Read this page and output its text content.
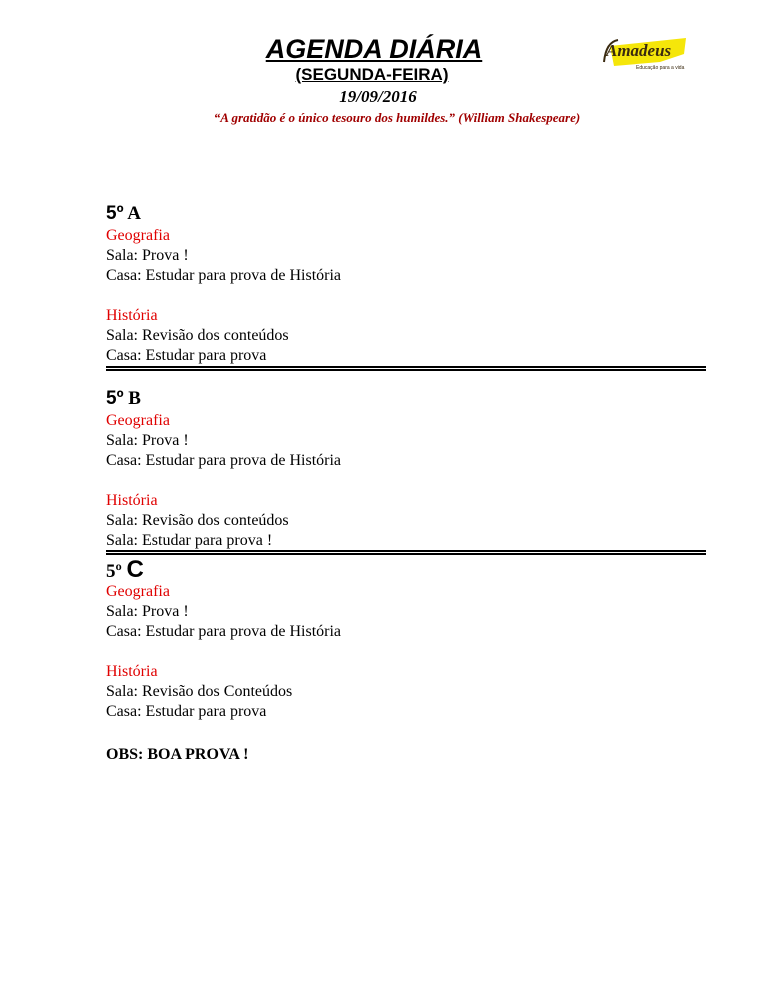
AGENDA DIÁRIA
(SEGUNDA-FEIRA)
19/09/2016
“A gratidão é o único tesouro dos humildes.” (William Shakespeare)
Amadeus
Educação para a vida
5º A
Geografia
Sala: Prova !
Casa: Estudar para prova de História
História
Sala: Revisão dos conteúdos
Casa: Estudar para prova
5º B
Geografia
Sala: Prova !
Casa: Estudar para prova de História
História
Sala: Revisão dos conteúdos
Sala: Estudar para prova !
5º C
Geografia
Sala: Prova !
Casa: Estudar para prova de História
História
Sala: Revisão dos Conteúdos
Casa: Estudar para prova
OBS: BOA PROVA !
